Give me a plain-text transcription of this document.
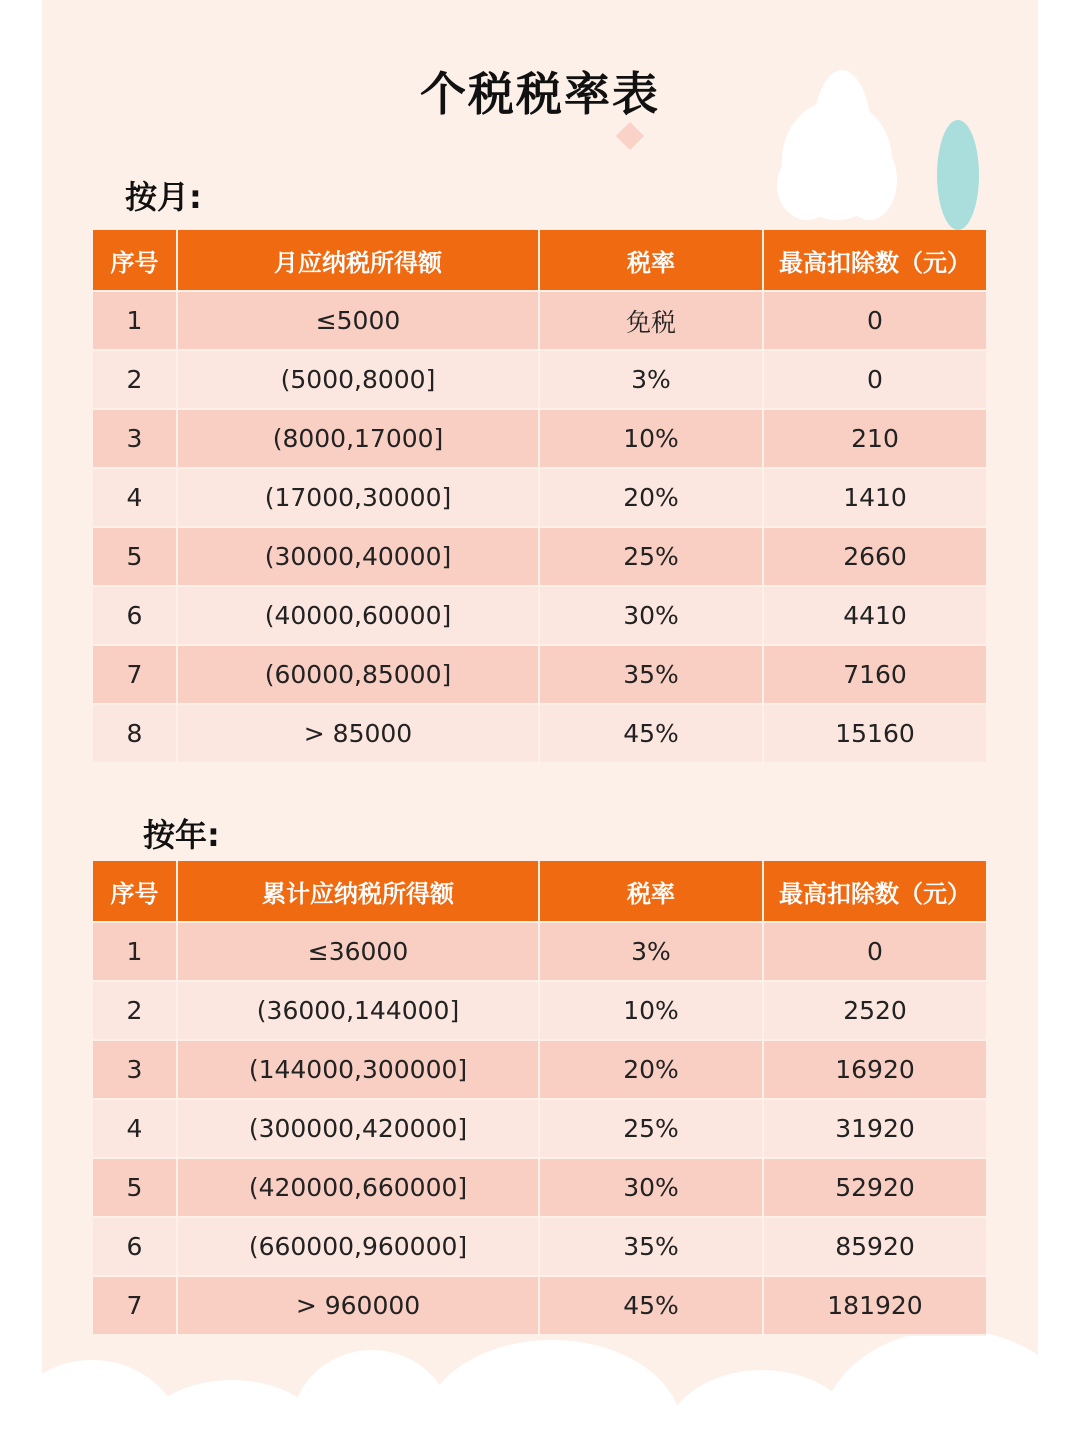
个税税率表
按月:
序号	月应纳税所得额	税率	最高扣除数（元）
1	≤5000	免税	0
2	(5000,8000]	3%	0
3	(8000,17000]	10%	210
4	(17000,30000]	20%	1410
5	(30000,40000]	25%	2660
6	(40000,60000]	30%	4410
7	(60000,85000]	35%	7160
8	> 85000	45%	15160
按年:
序号	累计应纳税所得额	税率	最高扣除数（元）
1	≤36000	3%	0
2	(36000,144000]	10%	2520
3	(144000,300000]	20%	16920
4	(300000,420000]	25%	31920
5	(420000,660000]	30%	52920
6	(660000,960000]	35%	85920
7	> 960000	45%	181920
